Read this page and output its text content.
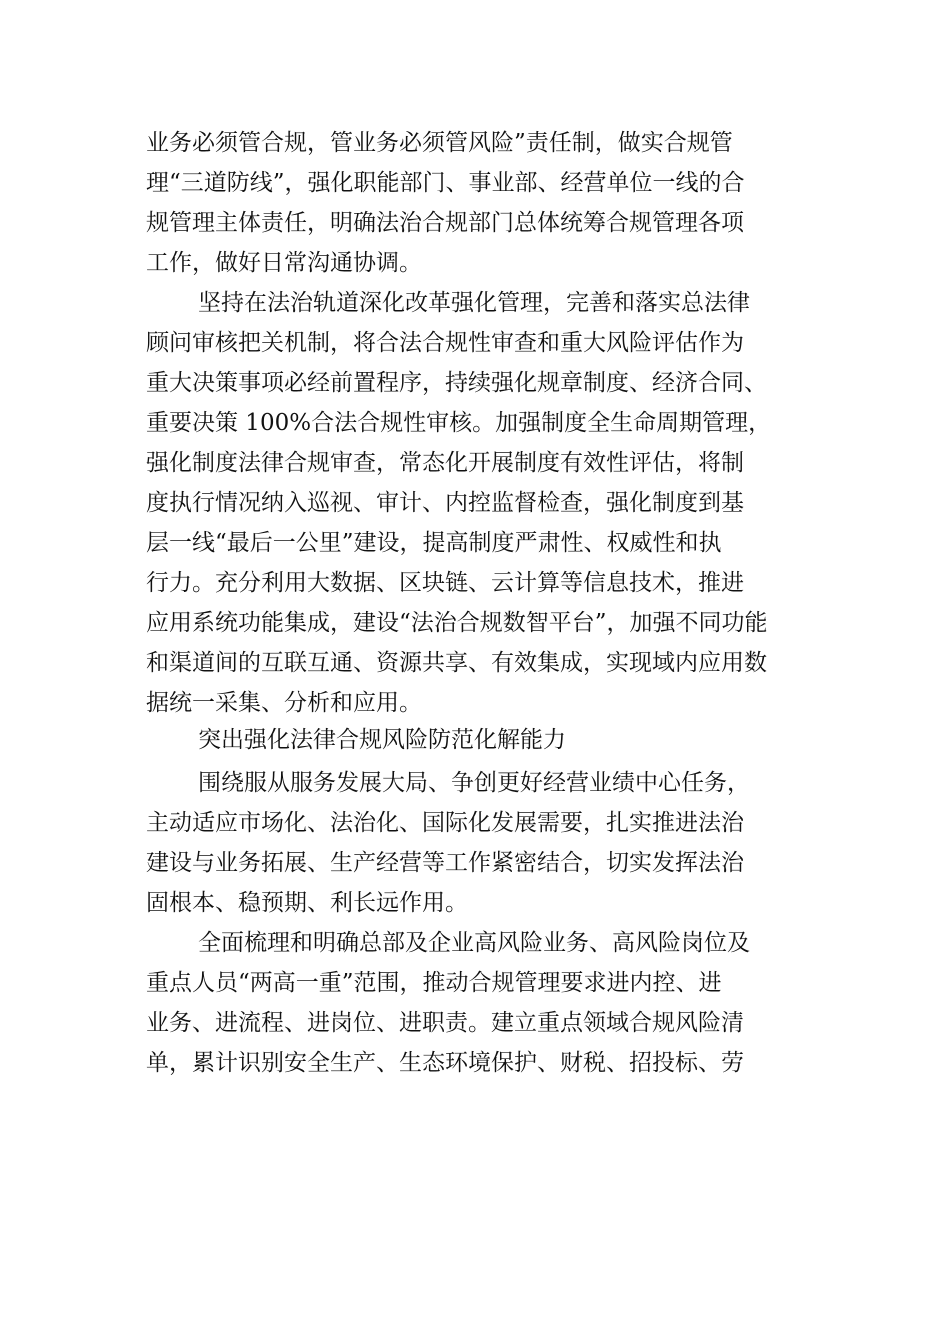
业务必须管合规，管业务必须管风险”责任制，做实合规管
理“三道防线”，强化职能部门、事业部、经营单位一线的合
规管理主体责任，明确法治合规部门总体统筹合规管理各项
工作，做好日常沟通协调。
坚持在法治轨道深化改革强化管理，完善和落实总法律
顾问审核把关机制，将合法合规性审查和重大风险评估作为
重大决策事项必经前置程序，持续强化规章制度、经济合同、
重要决策 100%合法合规性审核。加强制度全生命周期管理，
强化制度法律合规审查，常态化开展制度有效性评估，将制
度执行情况纳入巡视、审计、内控监督检查，强化制度到基
层一线“最后一公里”建设，提高制度严肃性、权威性和执
行力。充分利用大数据、区块链、云计算等信息技术，推进
应用系统功能集成，建设“法治合规数智平台”，加强不同功能
和渠道间的互联互通、资源共享、有效集成，实现域内应用数
据统一采集、分析和应用。
突出强化法律合规风险防范化解能力
围绕服从服务发展大局、争创更好经营业绩中心任务，
主动适应市场化、法治化、国际化发展需要，扎实推进法治
建设与业务拓展、生产经营等工作紧密结合，切实发挥法治
固根本、稳预期、利长远作用。
全面梳理和明确总部及企业高风险业务、高风险岗位及
重点人员“两高一重”范围，推动合规管理要求进内控、进
业务、进流程、进岗位、进职责。建立重点领域合规风险清
单，累计识别安全生产、生态环境保护、财税、招投标、劳
